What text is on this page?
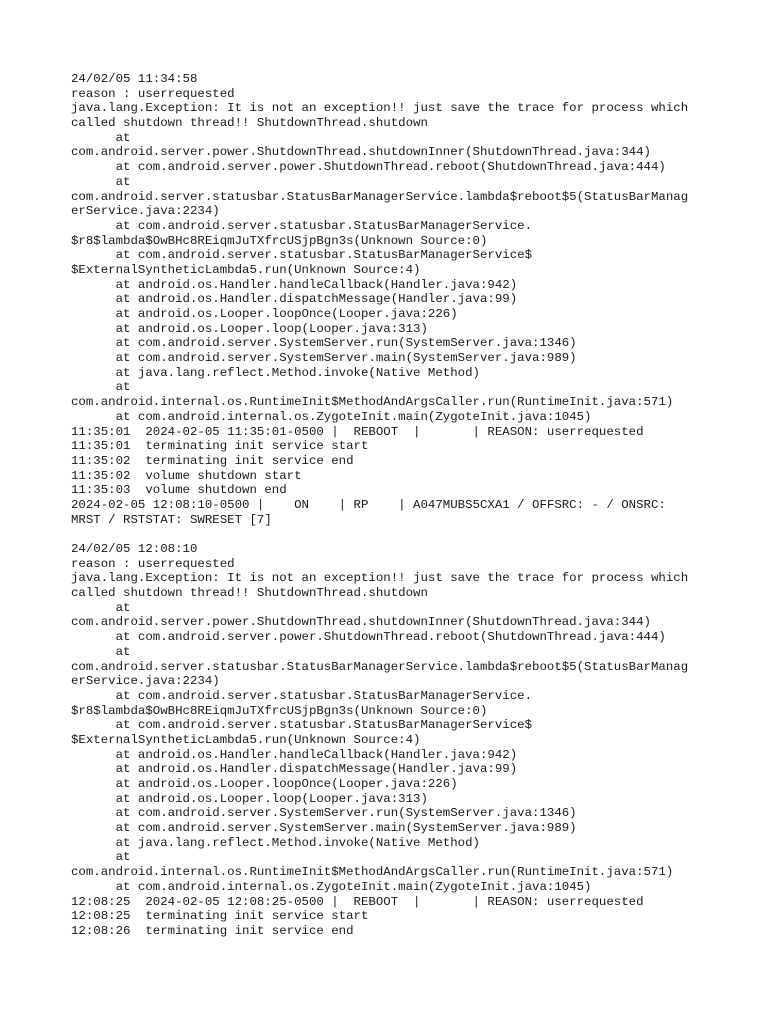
24/02/05 11:34:58
reason : userrequested
java.lang.Exception: It is not an exception!! just save the trace for process which
called shutdown thread!! ShutdownThread.shutdown
at
com.android.server.power.ShutdownThread.shutdownInner(ShutdownThread.java:344)
at com.android.server.power.ShutdownThread.reboot(ShutdownThread.java:444)
at
com.android.server.statusbar.StatusBarManagerService.lambda$reboot$5(StatusBarManag
erService.java:2234)
at com.android.server.statusbar.StatusBarManagerService.
$r8$lambda$OwBHc8REiqmJuTXfrcUSjpBgn3s(Unknown Source:0)
at com.android.server.statusbar.StatusBarManagerService$
$ExternalSyntheticLambda5.run(Unknown Source:4)
at android.os.Handler.handleCallback(Handler.java:942)
at android.os.Handler.dispatchMessage(Handler.java:99)
at android.os.Looper.loopOnce(Looper.java:226)
at android.os.Looper.loop(Looper.java:313)
at com.android.server.SystemServer.run(SystemServer.java:1346)
at com.android.server.SystemServer.main(SystemServer.java:989)
at java.lang.reflect.Method.invoke(Native Method)
at
com.android.internal.os.RuntimeInit$MethodAndArgsCaller.run(RuntimeInit.java:571)
at com.android.internal.os.ZygoteInit.main(ZygoteInit.java:1045)
11:35:01  2024-02-05 11:35:01-0500 |  REBOOT  |       | REASON: userrequested
11:35:01  terminating init service start
11:35:02  terminating init service end
11:35:02  volume shutdown start
11:35:03  volume shutdown end
2024-02-05 12:08:10-0500 |    ON    | RP    | A047MUBS5CXA1 / OFFSRC: - / ONSRC:
MRST / RSTSTAT: SWRESET [7]
24/02/05 12:08:10
reason : userrequested
java.lang.Exception: It is not an exception!! just save the trace for process which
called shutdown thread!! ShutdownThread.shutdown
at
com.android.server.power.ShutdownThread.shutdownInner(ShutdownThread.java:344)
at com.android.server.power.ShutdownThread.reboot(ShutdownThread.java:444)
at
com.android.server.statusbar.StatusBarManagerService.lambda$reboot$5(StatusBarManag
erService.java:2234)
at com.android.server.statusbar.StatusBarManagerService.
$r8$lambda$OwBHc8REiqmJuTXfrcUSjpBgn3s(Unknown Source:0)
at com.android.server.statusbar.StatusBarManagerService$
$ExternalSyntheticLambda5.run(Unknown Source:4)
at android.os.Handler.handleCallback(Handler.java:942)
at android.os.Handler.dispatchMessage(Handler.java:99)
at android.os.Looper.loopOnce(Looper.java:226)
at android.os.Looper.loop(Looper.java:313)
at com.android.server.SystemServer.run(SystemServer.java:1346)
at com.android.server.SystemServer.main(SystemServer.java:989)
at java.lang.reflect.Method.invoke(Native Method)
at
com.android.internal.os.RuntimeInit$MethodAndArgsCaller.run(RuntimeInit.java:571)
at com.android.internal.os.ZygoteInit.main(ZygoteInit.java:1045)
12:08:25  2024-02-05 12:08:25-0500 |  REBOOT  |       | REASON: userrequested
12:08:25  terminating init service start
12:08:26  terminating init service end
